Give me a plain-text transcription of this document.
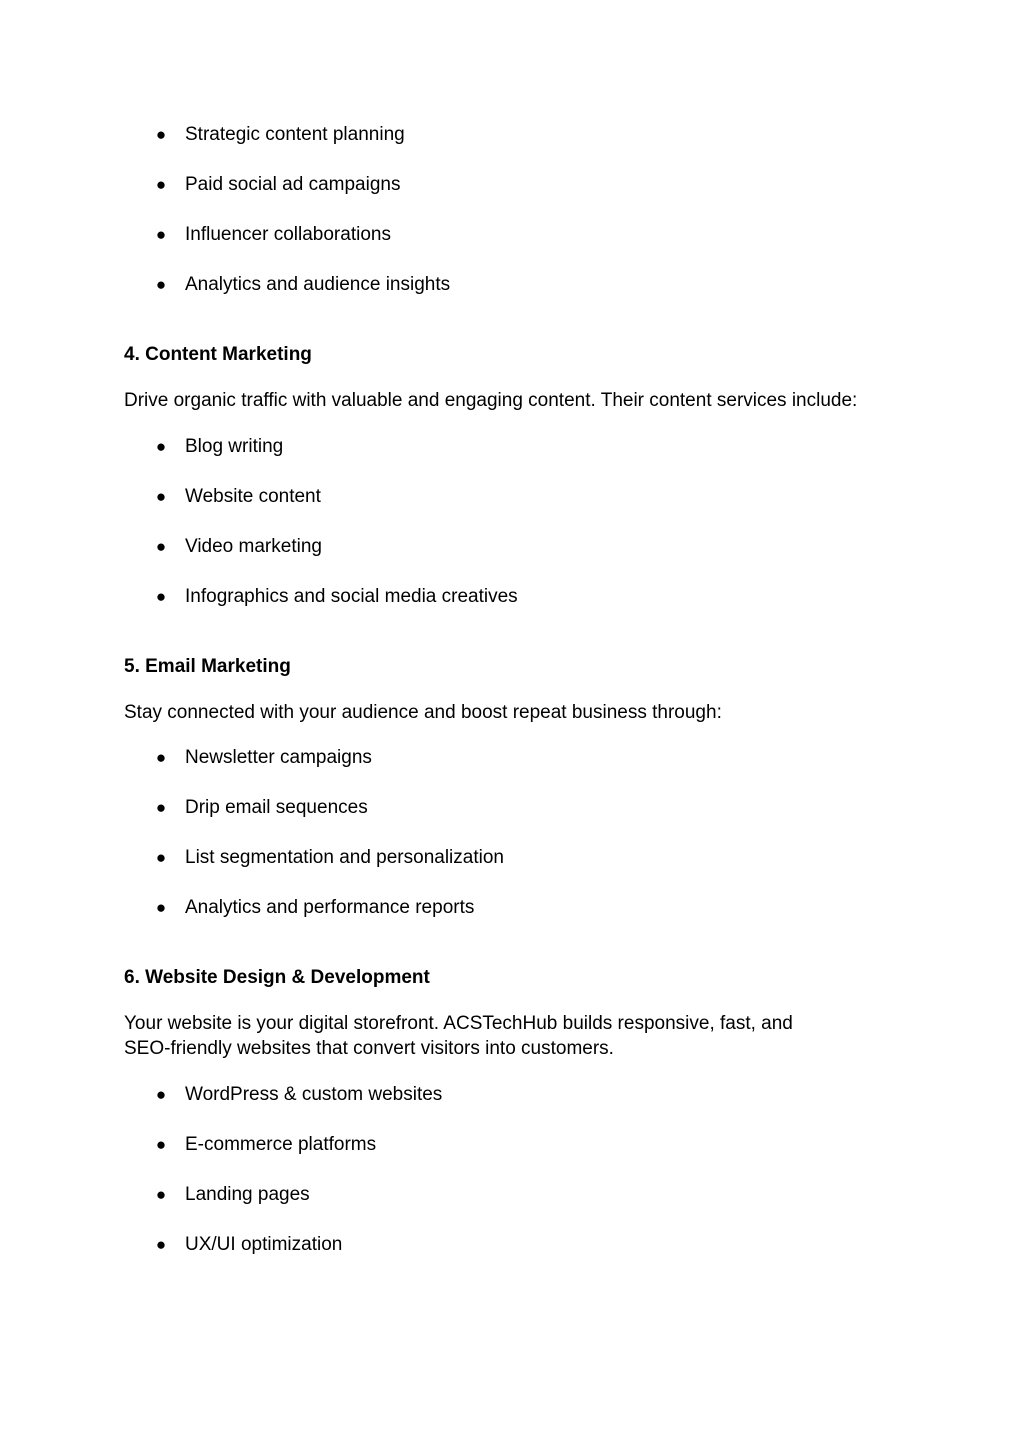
● Strategic content planning
● Paid social ad campaigns
● Influencer collaborations
● Analytics and audience insights
4. Content Marketing

Drive organic traffic with valuable and engaging content. Their content services include:

● Blog writing
● Website content
● Video marketing
● Infographics and social media creatives
5. Email Marketing

Stay connected with your audience and boost repeat business through:

● Newsletter campaigns
● Drip email sequences
● List segmentation and personalization
● Analytics and performance reports
6. Website Design & Development

Your website is your digital storefront. ACSTechHub builds responsive, fast, and
SEO-friendly websites that convert visitors into customers.

● WordPress & custom websites
● E-commerce platforms
● Landing pages
● UX/UI optimization
